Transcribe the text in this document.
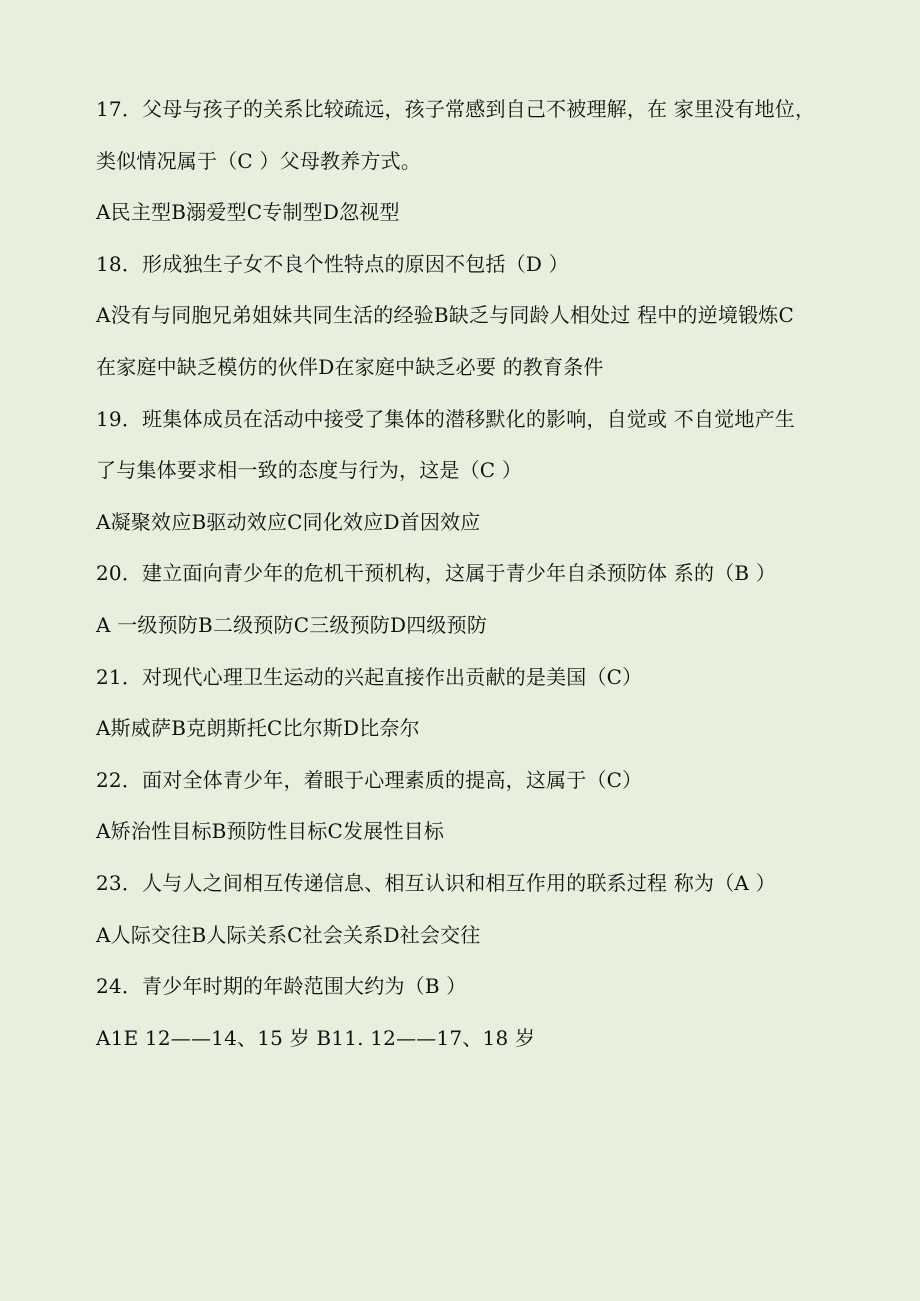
17．父母与孩子的关系比较疏远，孩子常感到自己不被理解，在 家里没有地位，
类似情况属于（C ）父母教养方式。
A民主型B溺爱型C专制型D忽视型
18．形成独生子女不良个性特点的原因不包括（D ）
A没有与同胞兄弟姐妹共同生活的经验B缺乏与同龄人相处过 程中的逆境锻炼C
在家庭中缺乏模仿的伙伴D在家庭中缺乏必要 的教育条件
19．班集体成员在活动中接受了集体的潜移默化的影响，自觉或 不自觉地产生
了与集体要求相一致的态度与行为，这是（C ）
A凝聚效应B驱动效应C同化效应D首因效应
20．建立面向青少年的危机干预机构，这属于青少年自杀预防体 系的（B ）
A 一级预防B二级预防C三级预防D四级预防
21．对现代心理卫生运动的兴起直接作出贡献的是美国（C）
A斯威萨B克朗斯托C比尔斯D比奈尔
22．面对全体青少年，着眼于心理素质的提高，这属于（C）
A矫治性目标B预防性目标C发展性目标
23．人与人之间相互传递信息、相互认识和相互作用的联系过程 称为（A ）
A人际交往B人际关系C社会关系D社会交往
24．青少年时期的年龄范围大约为（B ）
A1E 12——14、15 岁 B11. 12——17、18 岁
